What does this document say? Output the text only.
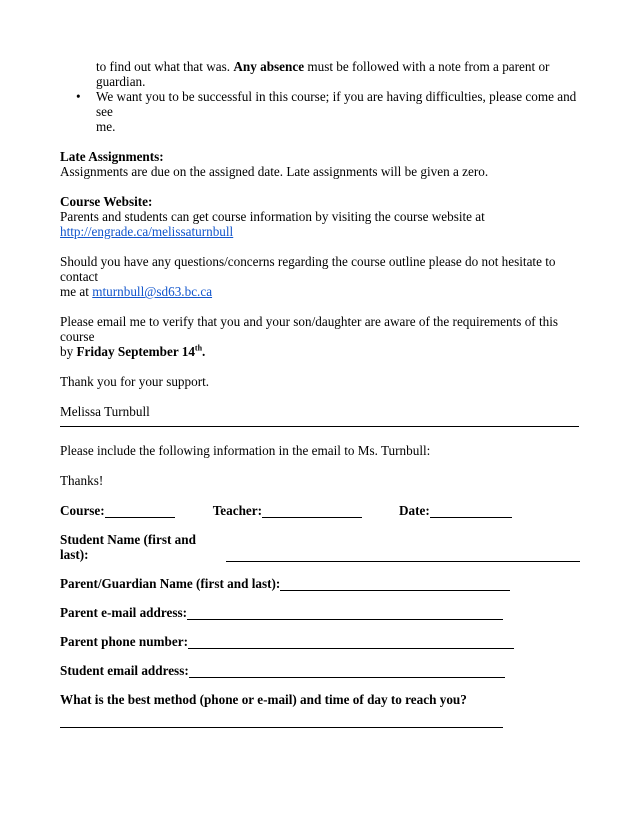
to find out what that was. Any absence must be followed with a note from a parent or

guardian.

•	We want you to be successful in this course; if you are having difficulties, please come and see

me.

Late Assignments:

Assignments are due on the assigned date. Late assignments will be given a zero.

Course Website:

Parents and students can get course information by visiting the course website at

http://engrade.ca/melissaturnbull

Should you have any questions/concerns regarding the course outline please do not hesitate to contact

me at mturnbull@sd63.bc.ca

Please email me to verify that you and your son/daughter are aware of the requirements of this course

by Friday September 14th.

Thank you for your support.

Melissa Turnbull

Please include the following information in the email to Ms. Turnbull:

Thanks!

Course:	Teacher:	Date:
Student Name (first and last):
Parent/Guardian Name (first and last):
Parent e-mail address:
Parent phone number:
Student email address:

What is the best method (phone or e-mail) and time of day to reach you?
